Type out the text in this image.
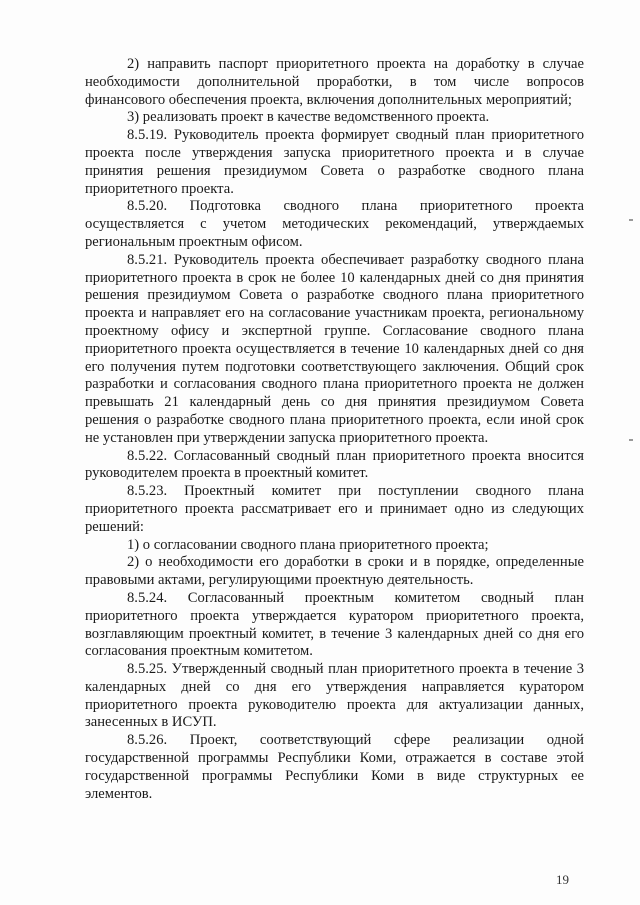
2) направить паспорт приоритетного проекта на доработку в случае необходимости дополнительной проработки, в том числе вопросов финансового обеспечения проекта, включения дополнительных мероприятий;

3) реализовать проект в качестве ведомственного проекта.

8.5.19. Руководитель проекта формирует сводный план приоритетного проекта после утверждения запуска приоритетного проекта и в случае принятия решения президиумом Совета о разработке сводного плана приоритетного проекта.

8.5.20. Подготовка сводного плана приоритетного проекта осуществляется с учетом методических рекомендаций, утверждаемых региональным проектным офисом.

8.5.21. Руководитель проекта обеспечивает разработку сводного плана приоритетного проекта в срок не более 10 календарных дней со дня принятия решения президиумом Совета о разработке сводного плана приоритетного проекта и направляет его на согласование участникам проекта, региональному проектному офису и экспертной группе. Согласование сводного плана приоритетного проекта осуществляется в течение 10 календарных дней со дня его получения путем подготовки соответствующего заключения. Общий срок разработки и согласования сводного плана приоритетного проекта не должен превышать 21 календарный день со дня принятия президиумом Совета решения о разработке сводного плана приоритетного проекта, если иной срок не установлен при утверждении запуска приоритетного проекта.

8.5.22. Согласованный сводный план приоритетного проекта вносится руководителем проекта в проектный комитет.

8.5.23. Проектный комитет при поступлении сводного плана приоритетного проекта рассматривает его и принимает одно из следующих решений:

1) о согласовании сводного плана приоритетного проекта;

2) о необходимости его доработки в сроки и в порядке, определенные правовыми актами, регулирующими проектную деятельность.

8.5.24. Согласованный проектным комитетом сводный план приоритетного проекта утверждается куратором приоритетного проекта, возглавляющим проектный комитет, в течение 3 календарных дней со дня его согласования проектным комитетом.

8.5.25. Утвержденный сводный план приоритетного проекта в течение 3 календарных дней со дня его утверждения направляется куратором приоритетного проекта руководителю проекта для актуализации данных, занесенных в ИСУП.

8.5.26. Проект, соответствующий сфере реализации одной государственной программы Республики Коми, отражается в составе этой государственной программы Республики Коми в виде структурных ее элементов.

19
